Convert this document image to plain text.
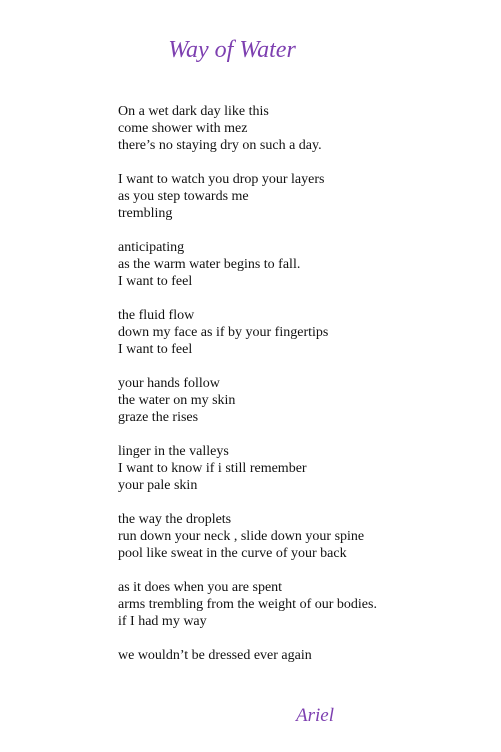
Way of Water
On a wet dark day like this
come shower with mez
there’s no staying dry on such a day.
I want to watch you drop your layers
as you step towards me
trembling
anticipating
as the warm water begins to fall.
I want to feel
the fluid flow
down my face as if by your fingertips
I want to feel
your hands follow
the water on my skin
graze the rises
linger in the valleys
I want to know if i still remember
your pale skin
the way the droplets
run down your neck , slide down your spine
pool like sweat in the curve of your back
as it does when you are spent
arms trembling from the weight of our bodies.
if I had my way
we wouldn’t be dressed ever again
Ariel
